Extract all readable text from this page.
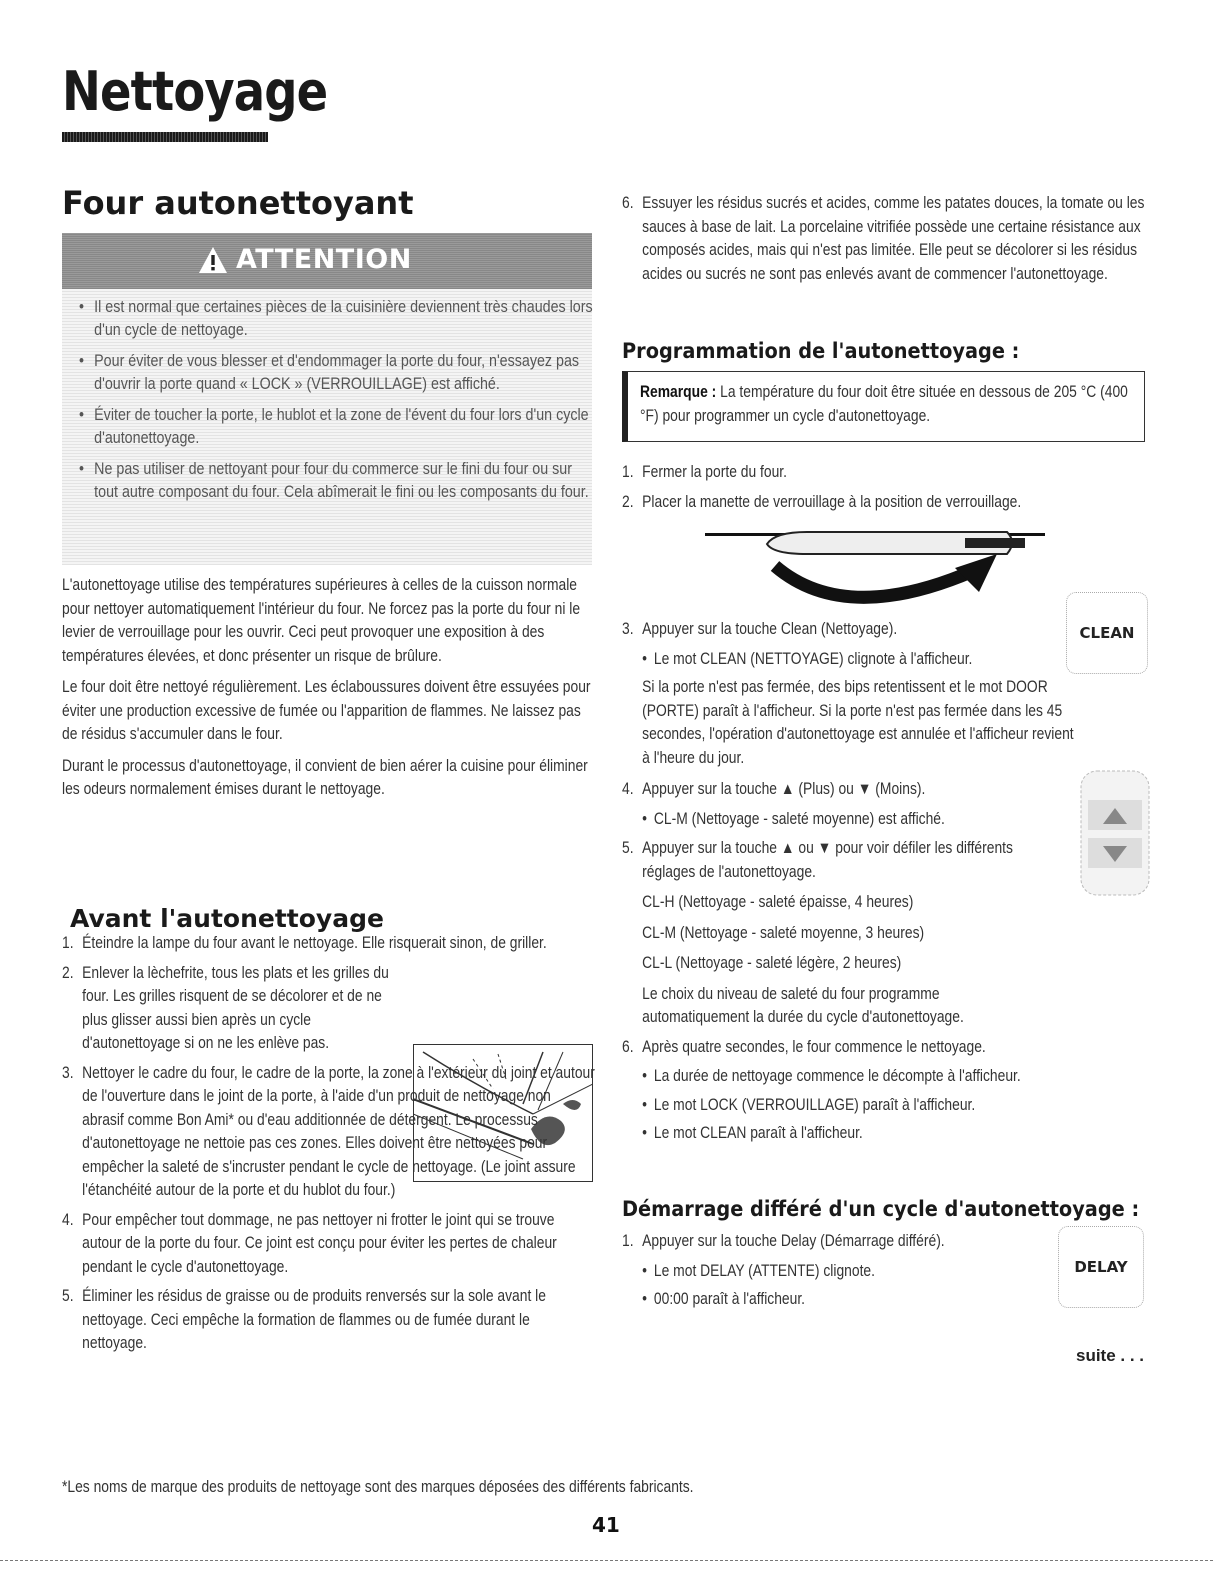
Nettoyage
Four autonettoyant
ATTENTION
• Il est normal que certaines pièces de la cuisinière deviennent très chaudes lors d'un cycle de nettoyage.
• Pour éviter de vous blesser et d'endommager la porte du four, n'essayez pas d'ouvrir la porte quand « LOCK » (VERROUILLAGE) est affiché.
• Éviter de toucher la porte, le hublot et la zone de l'évent du four lors d'un cycle d'autonettoyage.
• Ne pas utiliser de nettoyant pour four du commerce sur le fini du four ou sur tout autre composant du four. Cela abîmerait le fini ou les composants du four.

L'autonettoyage utilise des températures supérieures à celles de la cuisson normale pour nettoyer automatiquement l'intérieur du four. Ne forcez pas la porte du four ni le levier de verrouillage pour les ouvrir. Ceci peut provoquer une exposition à des températures élevées, et donc présenter un risque de brûlure.

Le four doit être nettoyé régulièrement. Les éclaboussures doivent être essuyées pour éviter une production excessive de fumée ou l'apparition de flammes. Ne laissez pas de résidus s'accumuler dans le four.

Durant le processus d'autonettoyage, il convient de bien aérer la cuisine pour éliminer les odeurs normalement émises durant le nettoyage.

Avant l'autonettoyage
1. Éteindre la lampe du four avant le nettoyage. Elle risquerait sinon, de griller.
2. Enlever la lèchefrite, tous les plats et les grilles du four. Les grilles risquent de se décolorer et de ne plus glisser aussi bien après un cycle d'autonettoyage si on ne les enlève pas.
3. Nettoyer le cadre du four, le cadre de la porte, la zone à l'extérieur du joint et autour de l'ouverture dans le joint de la porte, à l'aide d'un produit de nettoyage non abrasif comme Bon Ami* ou d'eau additionnée de détergent. Le processus d'autonettoyage ne nettoie pas ces zones. Elles doivent être nettoyées pour empêcher la saleté de s'incruster pendant le cycle de nettoyage. (Le joint assure l'étanchéité autour de la porte et du hublot du four.)
4. Pour empêcher tout dommage, ne pas nettoyer ni frotter le joint qui se trouve autour de la porte du four. Ce joint est conçu pour éviter les pertes de chaleur pendant le cycle d'autonettoyage.
5. Éliminer les résidus de graisse ou de produits renversés sur la sole avant le nettoyage. Ceci empêche la formation de flammes ou de fumée durant le nettoyage.
6. Essuyer les résidus sucrés et acides, comme les patates douces, la tomate ou les sauces à base de lait. La porcelaine vitrifiée possède une certaine résistance aux composés acides, mais qui n'est pas limitée. Elle peut se décolorer si les résidus acides ou sucrés ne sont pas enlevés avant de commencer l'autonettoyage.
Programmation de l'autonettoyage :
Remarque : La température du four doit être située en dessous de 205 °C (400 °F) pour programmer un cycle d'autonettoyage.
1. Fermer la porte du four.
2. Placer la manette de verrouillage à la position de verrouillage.
CLEAN
3. Appuyer sur la touche Clean (Nettoyage).
• Le mot CLEAN (NETTOYAGE) clignote à l'afficheur.

Si la porte n'est pas fermée, des bips retentissent et le mot DOOR (PORTE) paraît à l'afficheur. Si la porte n'est pas fermée dans les 45 secondes, l'opération d'autonettoyage est annulée et l'afficheur revient à l'heure du jour.

4. Appuyer sur la touche ▲ (Plus) ou ▼ (Moins).
• CL-M (Nettoyage - saleté moyenne) est affiché.
5. Appuyer sur la touche ▲ ou ▼ pour voir défiler les différents réglages de l'autonettoyage.

CL-H (Nettoyage - saleté épaisse, 4 heures)

CL-M (Nettoyage - saleté moyenne, 3 heures)

CL-L (Nettoyage - saleté légère, 2 heures)

Le choix du niveau de saleté du four programme automatiquement la durée du cycle d'autonettoyage.

6. Après quatre secondes, le four commence le nettoyage.
• La durée de nettoyage commence le décompte à l'afficheur.
• Le mot LOCK (VERROUILLAGE) paraît à l'afficheur.
• Le mot CLEAN paraît à l'afficheur.
Démarrage différé d'un cycle d'autonettoyage :
DELAY
1. Appuyer sur la touche Delay (Démarrage différé).
• Le mot DELAY (ATTENTE) clignote.
• 00:00 paraît à l'afficheur.
suite . . .
*Les noms de marque des produits de nettoyage sont des marques déposées des différents fabricants.
41
